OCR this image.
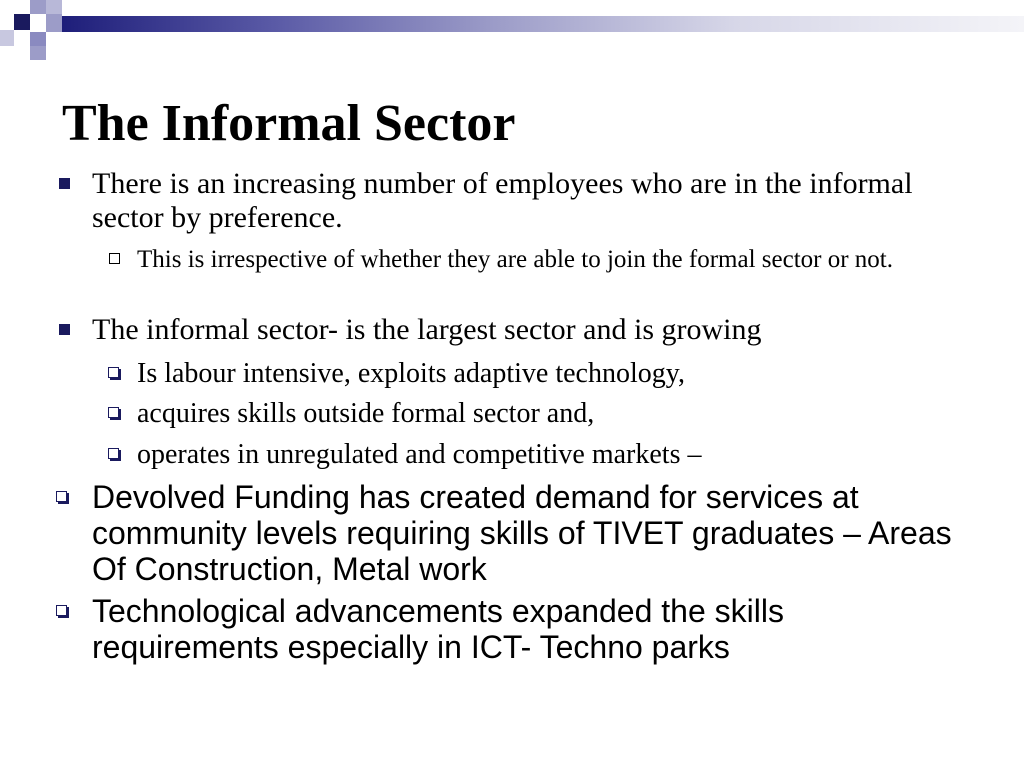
The Informal Sector
There is an increasing number of employees who are in the informal sector by preference.
This is irrespective of whether they are able to join the formal sector or not.
The informal sector- is the largest sector and is growing
Is labour intensive, exploits adaptive technology,
acquires skills outside formal sector and,
operates in unregulated and competitive markets –
Devolved Funding has created demand for services at community levels requiring skills of TIVET graduates – Areas Of Construction, Metal work
Technological advancements expanded the skills requirements especially in ICT- Techno parks
